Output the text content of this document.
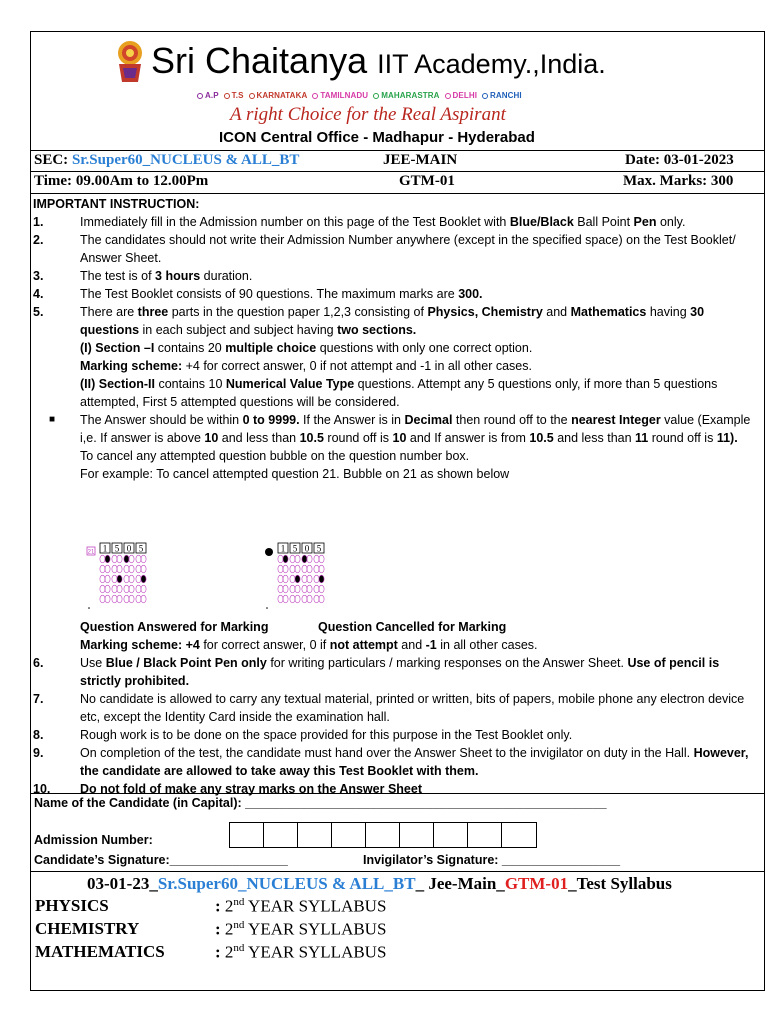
Sri Chaitanya IIT Academy.,India.
A.P T.S KARNATAKA TAMILNADU MAHARASTRA DELHI RANCHI
A right Choice for the Real Aspirant
ICON Central Office - Madhapur - Hyderabad
SEC: Sr.Super60_NUCLEUS & ALL_BT	JEE-MAIN	Date: 03-01-2023
Time: 09.00Am to 12.00Pm	GTM-01	Max. Marks: 300
IMPORTANT INSTRUCTION:
1.	Immediately fill in the Admission number on this page of the Test Booklet with Blue/Black Ball Point Pen only.
2.	The candidates should not write their Admission Number anywhere (except in the specified space) on the Test Booklet/ Answer Sheet.
3.	The test is of 3 hours duration.
4.	The Test Booklet consists of 90 questions. The maximum marks are 300.
5.	There are three parts in the question paper 1,2,3 consisting of Physics, Chemistry and Mathematics having 30 questions in each subject and subject having two sections.
(I) Section –I contains 20 multiple choice questions with only one correct option.
Marking scheme: +4 for correct answer, 0 if not attempt and -1 in all other cases.
(II) Section-II contains 10 Numerical Value Type questions. Attempt any 5 questions only, if more than 5 questions attempted, First 5 attempted questions will be considered.
■ The Answer should be within 0 to 9999. If the Answer is in Decimal then round off to the nearest Integer value (Example i,e. If answer is above 10 and less than 10.5 round off is 10 and If answer is from 10.5 and less than 11 round off is 11).
To cancel any attempted question bubble on the question number box.
For example: To cancel attempted question 21. Bubble on 21 as shown below
21 1 5 0 5	1 5 0 5
Question Answered for Marking	Question Cancelled for Marking
Marking scheme: +4 for correct answer, 0 if not attempt and -1 in all other cases.
6.	Use Blue / Black Point Pen only for writing particulars / marking responses on the Answer Sheet. Use of pencil is strictly prohibited.
7.	No candidate is allowed to carry any textual material, printed or written, bits of papers, mobile phone any electron device etc, except the Identity Card inside the examination hall.
8.	Rough work is to be done on the space provided for this purpose in the Test Booklet only.
9.	On completion of the test, the candidate must hand over the Answer Sheet to the invigilator on duty in the Hall. However, the candidate are allowed to take away this Test Booklet with them.
10. Do not fold of make any stray marks on the Answer Sheet
Name of the Candidate (in Capital): ____________________________________________________
Admission Number:
Candidate’s Signature:_________________	Invigilator’s Signature: _________________
03-01-23_Sr.Super60_NUCLEUS & ALL_BT_ Jee-Main_GTM-01_Test Syllabus
PHYSICS	: 2nd YEAR SYLLABUS
CHEMISTRY	: 2nd YEAR SYLLABUS
MATHEMATICS	: 2nd YEAR SYLLABUS
